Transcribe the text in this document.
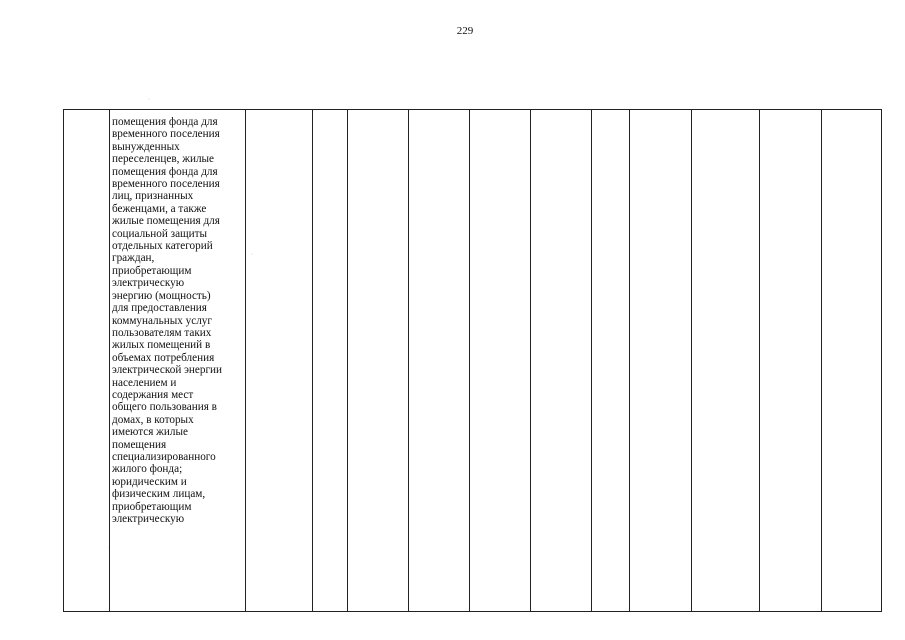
229
·
·
·

помещения фонда для
временного поселения
вынужденных
переселенцев, жилые
помещения фонда для
временного поселения
лиц, признанных
беженцами, а также
жилые помещения для
социальной защиты
отдельных категорий
граждан,
приобретающим
электрическую
энергию (мощность)
для предоставления
коммунальных услуг
пользователям таких
жилых помещений в
объемах потребления
электрической энергии
населением и
содержания мест
общего пользования в
домах, в которых
имеются жилые
помещения
специализированного
жилого фонда;
юридическим и
физическим лицам,
приобретающим
электрическую
